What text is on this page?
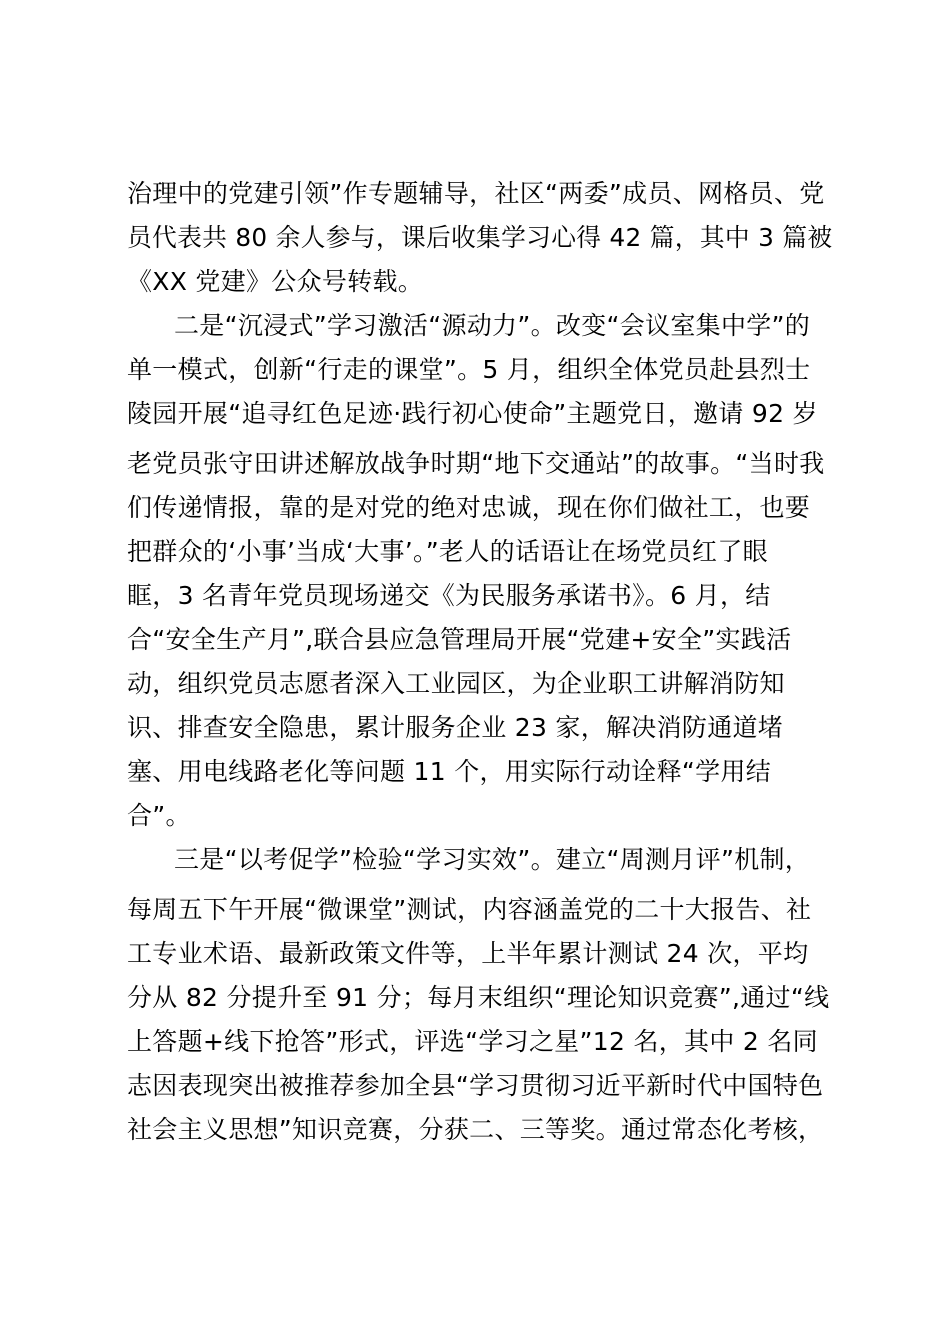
治理中的党建引领”作专题辅导，社区“两委”成员、网格员、党
员代表共 80 余人参与，课后收集学习心得 42 篇，其中 3 篇被
《XX 党建》公众号转载。
二是“沉浸式”学习激活“源动力”。改变“会议室集中学”的
单一模式，创新“行走的课堂”。5 月，组织全体党员赴县烈士
陵园开展“追寻红色足迹·践行初心使命”主题党日，邀请 92 岁
老党员张守田讲述解放战争时期“地下交通站”的故事。“当时我
们传递情报，靠的是对党的绝对忠诚，现在你们做社工，也要
把群众的‘小事’当成‘大事’。”老人的话语让在场党员红了眼
眶，3 名青年党员现场递交《为民服务承诺书》。6 月，结
合“安全生产月”,联合县应急管理局开展“党建+安全”实践活
动，组织党员志愿者深入工业园区，为企业职工讲解消防知
识、排查安全隐患，累计服务企业 23 家，解决消防通道堵
塞、用电线路老化等问题 11 个，用实际行动诠释“学用结
合”。
三是“以考促学”检验“学习实效”。建立“周测月评”机制，
每周五下午开展“微课堂”测试，内容涵盖党的二十大报告、社
工专业术语、最新政策文件等，上半年累计测试 24 次，平均
分从 82 分提升至 91 分；每月末组织“理论知识竞赛”,通过“线
上答题+线下抢答”形式，评选“学习之星”12 名，其中 2 名同
志因表现突出被推荐参加全县“学习贯彻习近平新时代中国特色
社会主义思想”知识竞赛，分获二、三等奖。通过常态化考核，
